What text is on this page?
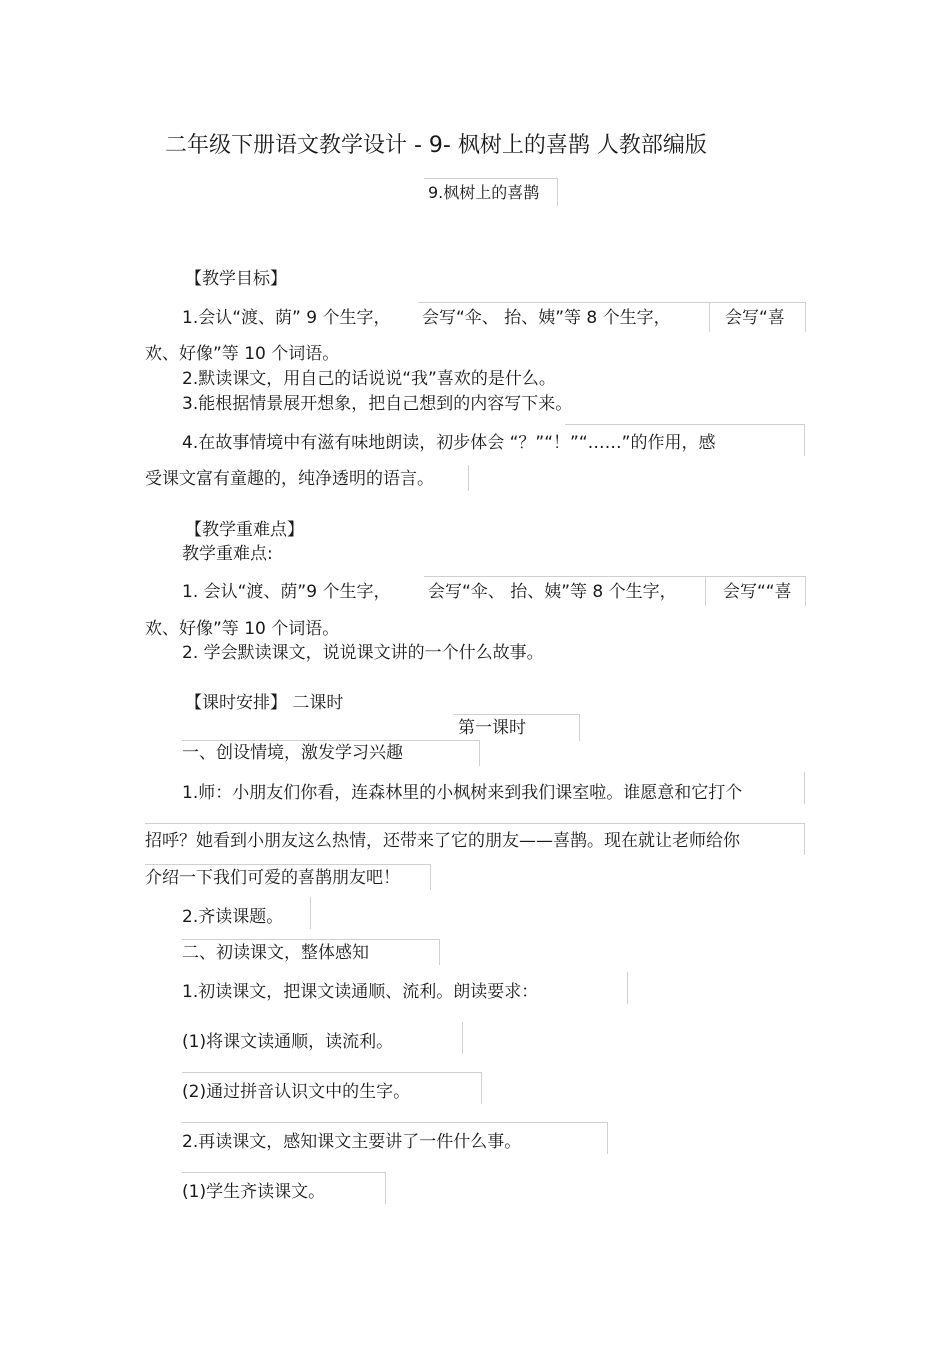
二年级下册语文教学设计 - 9- 枫树上的喜鹊 人教部编版
9.枫树上的喜鹊
【教学目标】
1.会认“渡、荫” 9 个生字， 会写“伞、 抬、姨”等 8 个生字，	会写“喜
欢、好像”等 10 个词语。
2.默读课文，用自己的话说说“我”喜欢的是什么。
3.能根据情景展开想象，把自己想到的内容写下来。
4.在故事情境中有滋有味地朗读，初步体会 “？”“！”“……”的作用，感
受课文富有童趣的，纯净透明的语言。
【教学重难点】
教学重难点:
1. 会认“渡、荫”9 个生字， 会写“伞、 抬、姨”等 8 个生字，	会写““喜
欢、好像”等 10 个词语。
2. 学会默读课文，说说课文讲的一个什么故事。
【课时安排】 二课时
第一课时
一、创设情境，激发学习兴趣
1.师：小朋友们你看，连森林里的小枫树来到我们课室啦。谁愿意和它打个
招呼？她看到小朋友这么热情，还带来了它的朋友——喜鹊。现在就让老师给你
介绍一下我们可爱的喜鹊朋友吧！
2.齐读课题。
二、初读课文，整体感知
1.初读课文，把课文读通顺、流利。朗读要求：
(1)将课文读通顺，读流利。
(2)通过拼音认识文中的生字。
2.再读课文，感知课文主要讲了一件什么事。
(1)学生齐读课文。
